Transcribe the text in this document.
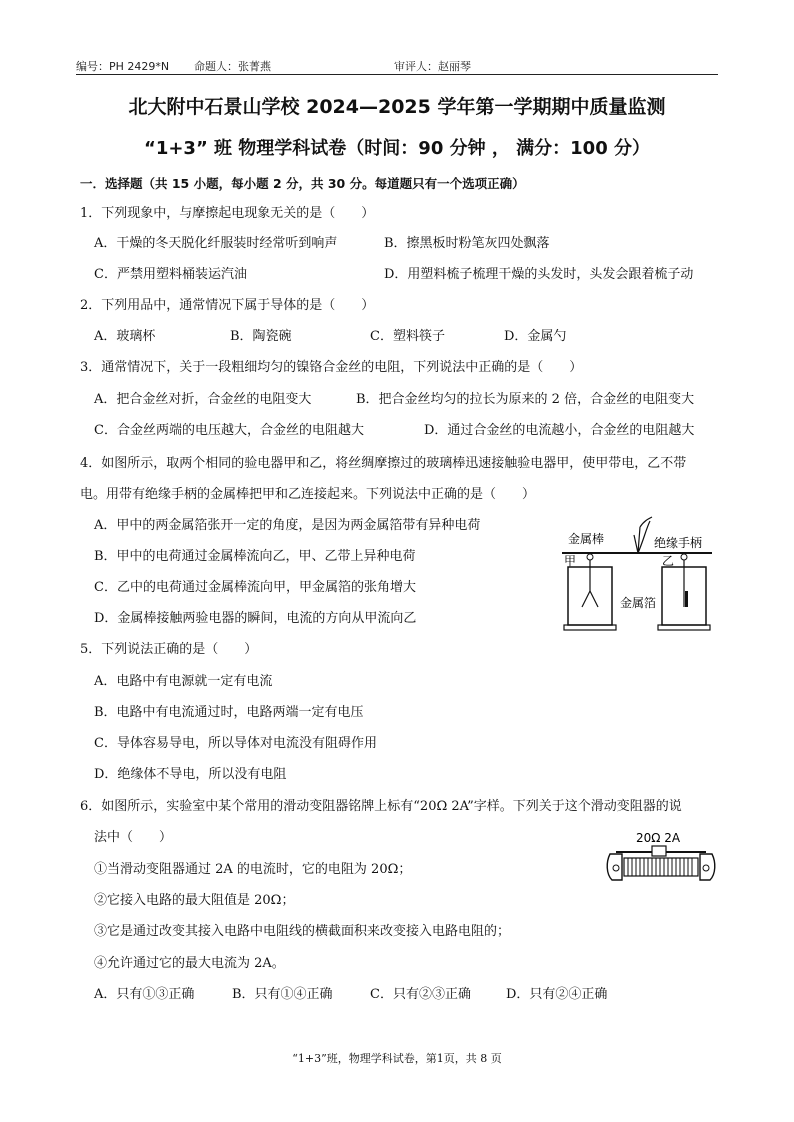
编号：PH 2429*N 命题人：张菁燕	审评人：赵丽琴
北大附中石景山学校 2024—2025 学年第一学期期中质量监测
“1+3” 班 物理学科试卷（时间：90 分钟 ， 满分：100 分）
一．选择题（共 15 小题，每小题 2 分，共 30 分。每道题只有一个选项正确）
1．下列现象中，与摩擦起电现象无关的是（　　）
A．干燥的冬天脱化纤服装时经常听到响声	B．擦黑板时粉笔灰四处飘落
C．严禁用塑料桶装运汽油	D．用塑料梳子梳理干燥的头发时，头发会跟着梳子动
2．下列用品中，通常情况下属于导体的是（　　）
A．玻璃杯	B．陶瓷碗	C．塑料筷子	D．金属勺
3．通常情况下，关于一段粗细均匀的镍铬合金丝的电阻，下列说法中正确的是（　　）
A．把合金丝对折，合金丝的电阻变大	B．把合金丝均匀的拉长为原来的 2 倍，合金丝的电阻变大
C．合金丝两端的电压越大，合金丝的电阻越大	D．通过合金丝的电流越小，合金丝的电阻越大
4．如图所示，取两个相同的验电器甲和乙，将丝绸摩擦过的玻璃棒迅速接触验电器甲，使甲带电，乙不带
电。用带有绝缘手柄的金属棒把甲和乙连接起来。下列说法中正确的是（　　）
A．甲中的两金属箔张开一定的角度，是因为两金属箔带有异种电荷
B．甲中的电荷通过金属棒流向乙，甲、乙带上异种电荷
C．乙中的电荷通过金属棒流向甲，甲金属箔的张角增大
D．金属棒接触两验电器的瞬间，电流的方向从甲流向乙
金属棒	绝缘手柄
甲	乙
金属箔
5．下列说法正确的是（　　）
A．电路中有电源就一定有电流
B．电路中有电流通过时，电路两端一定有电压
C．导体容易导电，所以导体对电流没有阻碍作用
D．绝缘体不导电，所以没有电阻
6．如图所示，实验室中某个常用的滑动变阻器铭牌上标有“20Ω 2A”字样。下列关于这个滑动变阻器的说
法中（　　）
①当滑动变阻器通过 2A 的电流时，它的电阻为 20Ω；
②它接入电路的最大阻值是 20Ω；
③它是通过改变其接入电路中电阻线的横截面积来改变接入电路电阻的；
④允许通过它的最大电流为 2A。
A．只有①③正确	B．只有①④正确	C．只有②③正确	D．只有②④正确
20Ω 2A
“1+3”班，物理学科试卷，第1页，共 8 页
